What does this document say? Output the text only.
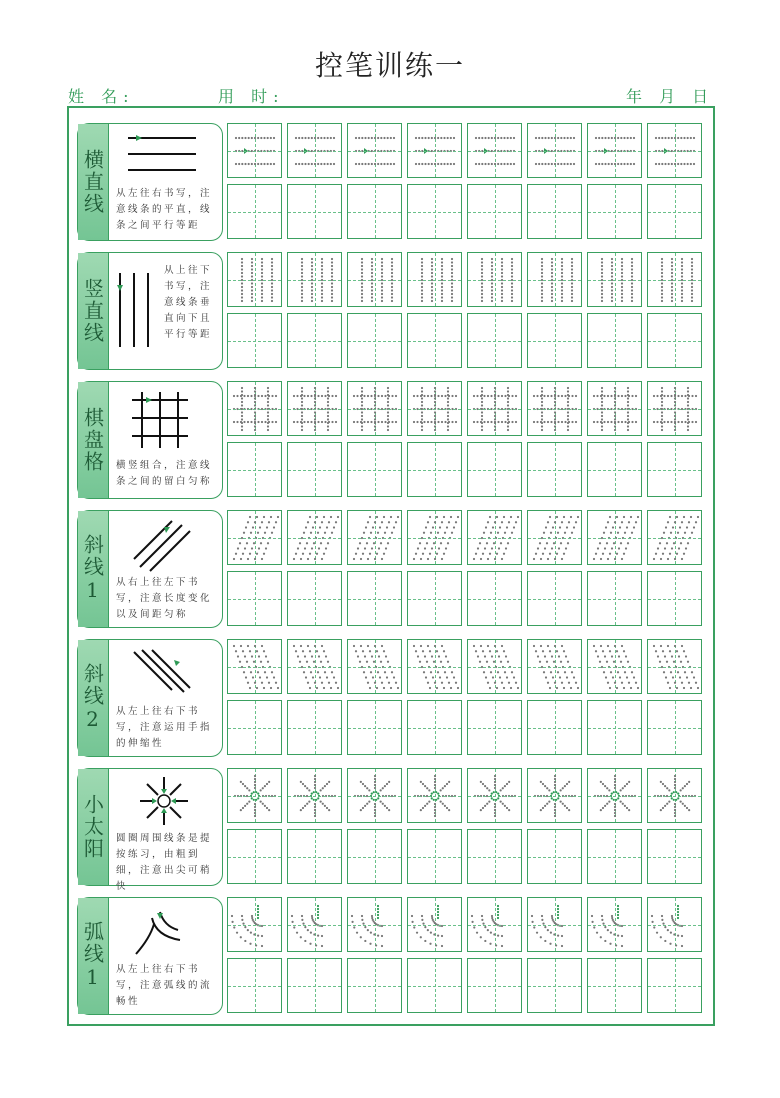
控笔训练一
姓 名:	用 时:	年 月 日
横直线	从左往右书写，注意线条的平直，线条之间平行等距
竖直线
从上往下书写，注意线条垂直向下且平行等距
棋盘格	横竖组合，注意线条之间的留白匀称
斜线1	从右上往左下书写，注意长度变化以及间距匀称
斜线2	从左上往右下书写，注意运用手指的伸缩性
小太阳	圆圈周围线条是提按练习，由粗到细，注意出尖可稍快
弧线1	从左上往右下书写，注意弧线的流畅性
